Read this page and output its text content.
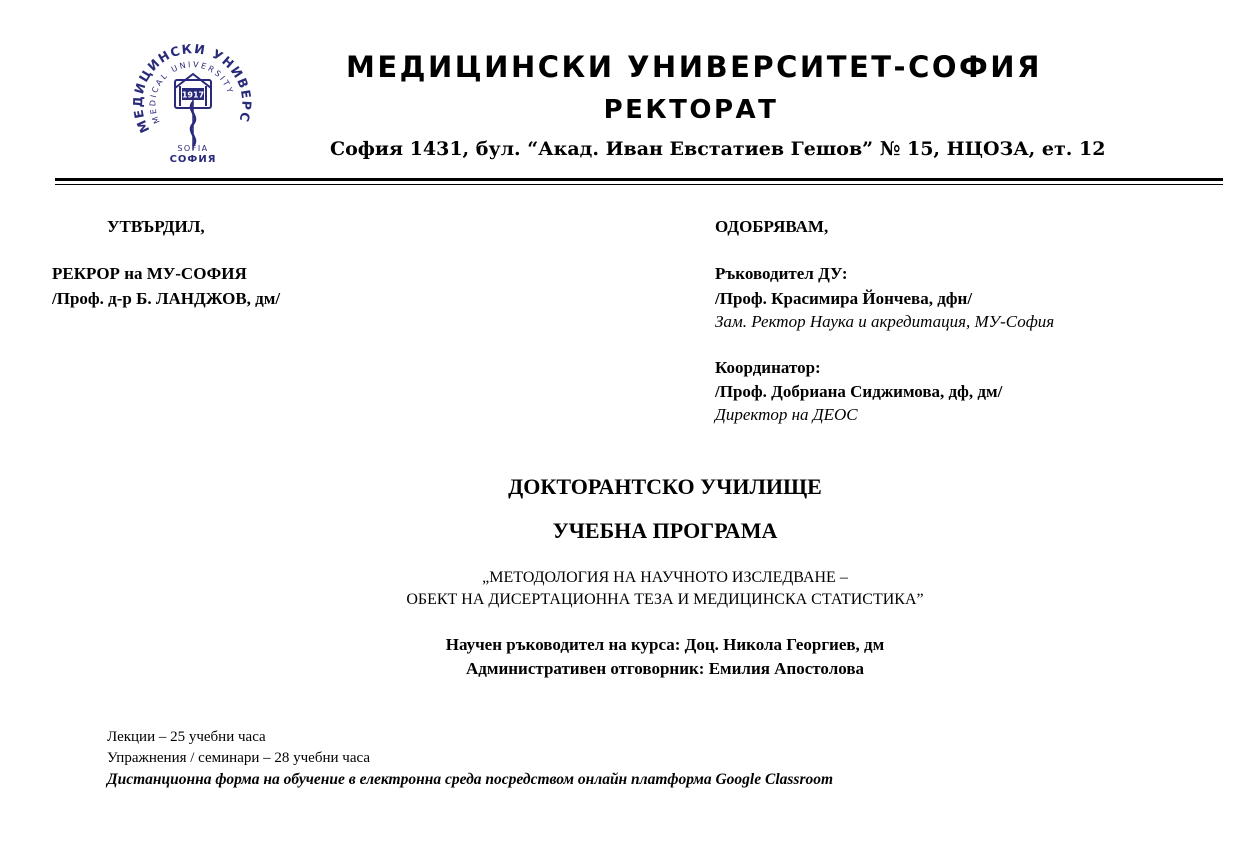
МЕДИЦИНСКИ УНИВЕРС
MEDICAL UNIVERSITY
1917
SOFIA
СОФИЯ
МЕДИЦИНСКИ УНИВЕРСИТЕТ-СОФИЯ
РЕКТОРАТ
София 1431, бул. “Акад. Иван Евстатиев Гешов” № 15, НЦОЗА, ет. 12
УТВЪРДИЛ,
РЕКРОР на МУ-СОФИЯ
/Проф. д-р Б. ЛАНДЖОВ, дм/
ОДОБРЯВАМ,
Ръководител ДУ:
/Проф. Красимира Йончева, дфн/
Зам. Ректор Наука и акредитация, МУ-София
Координатор:
/Проф. Добриана Сиджимова, дф, дм/
Директор на ДЕОС
ДОКТОРАНТСКО УЧИЛИЩЕ
УЧЕБНА ПРОГРАМА
„МЕТОДОЛОГИЯ НА НАУЧНОТО ИЗСЛЕДВАНЕ –
ОБЕКТ НА ДИСЕРТАЦИОННА ТЕЗА И МЕДИЦИНСКА СТАТИСТИКА”
Научен ръководител на курса: Доц. Никола Георгиев, дм
Административен отговорник: Емилия Апостолова
Лекции – 25 учебни часа
Упражнения / семинари – 28 учебни часа
Дистанционна форма на обучение в електронна среда посредством онлайн платформа Google Classroom
